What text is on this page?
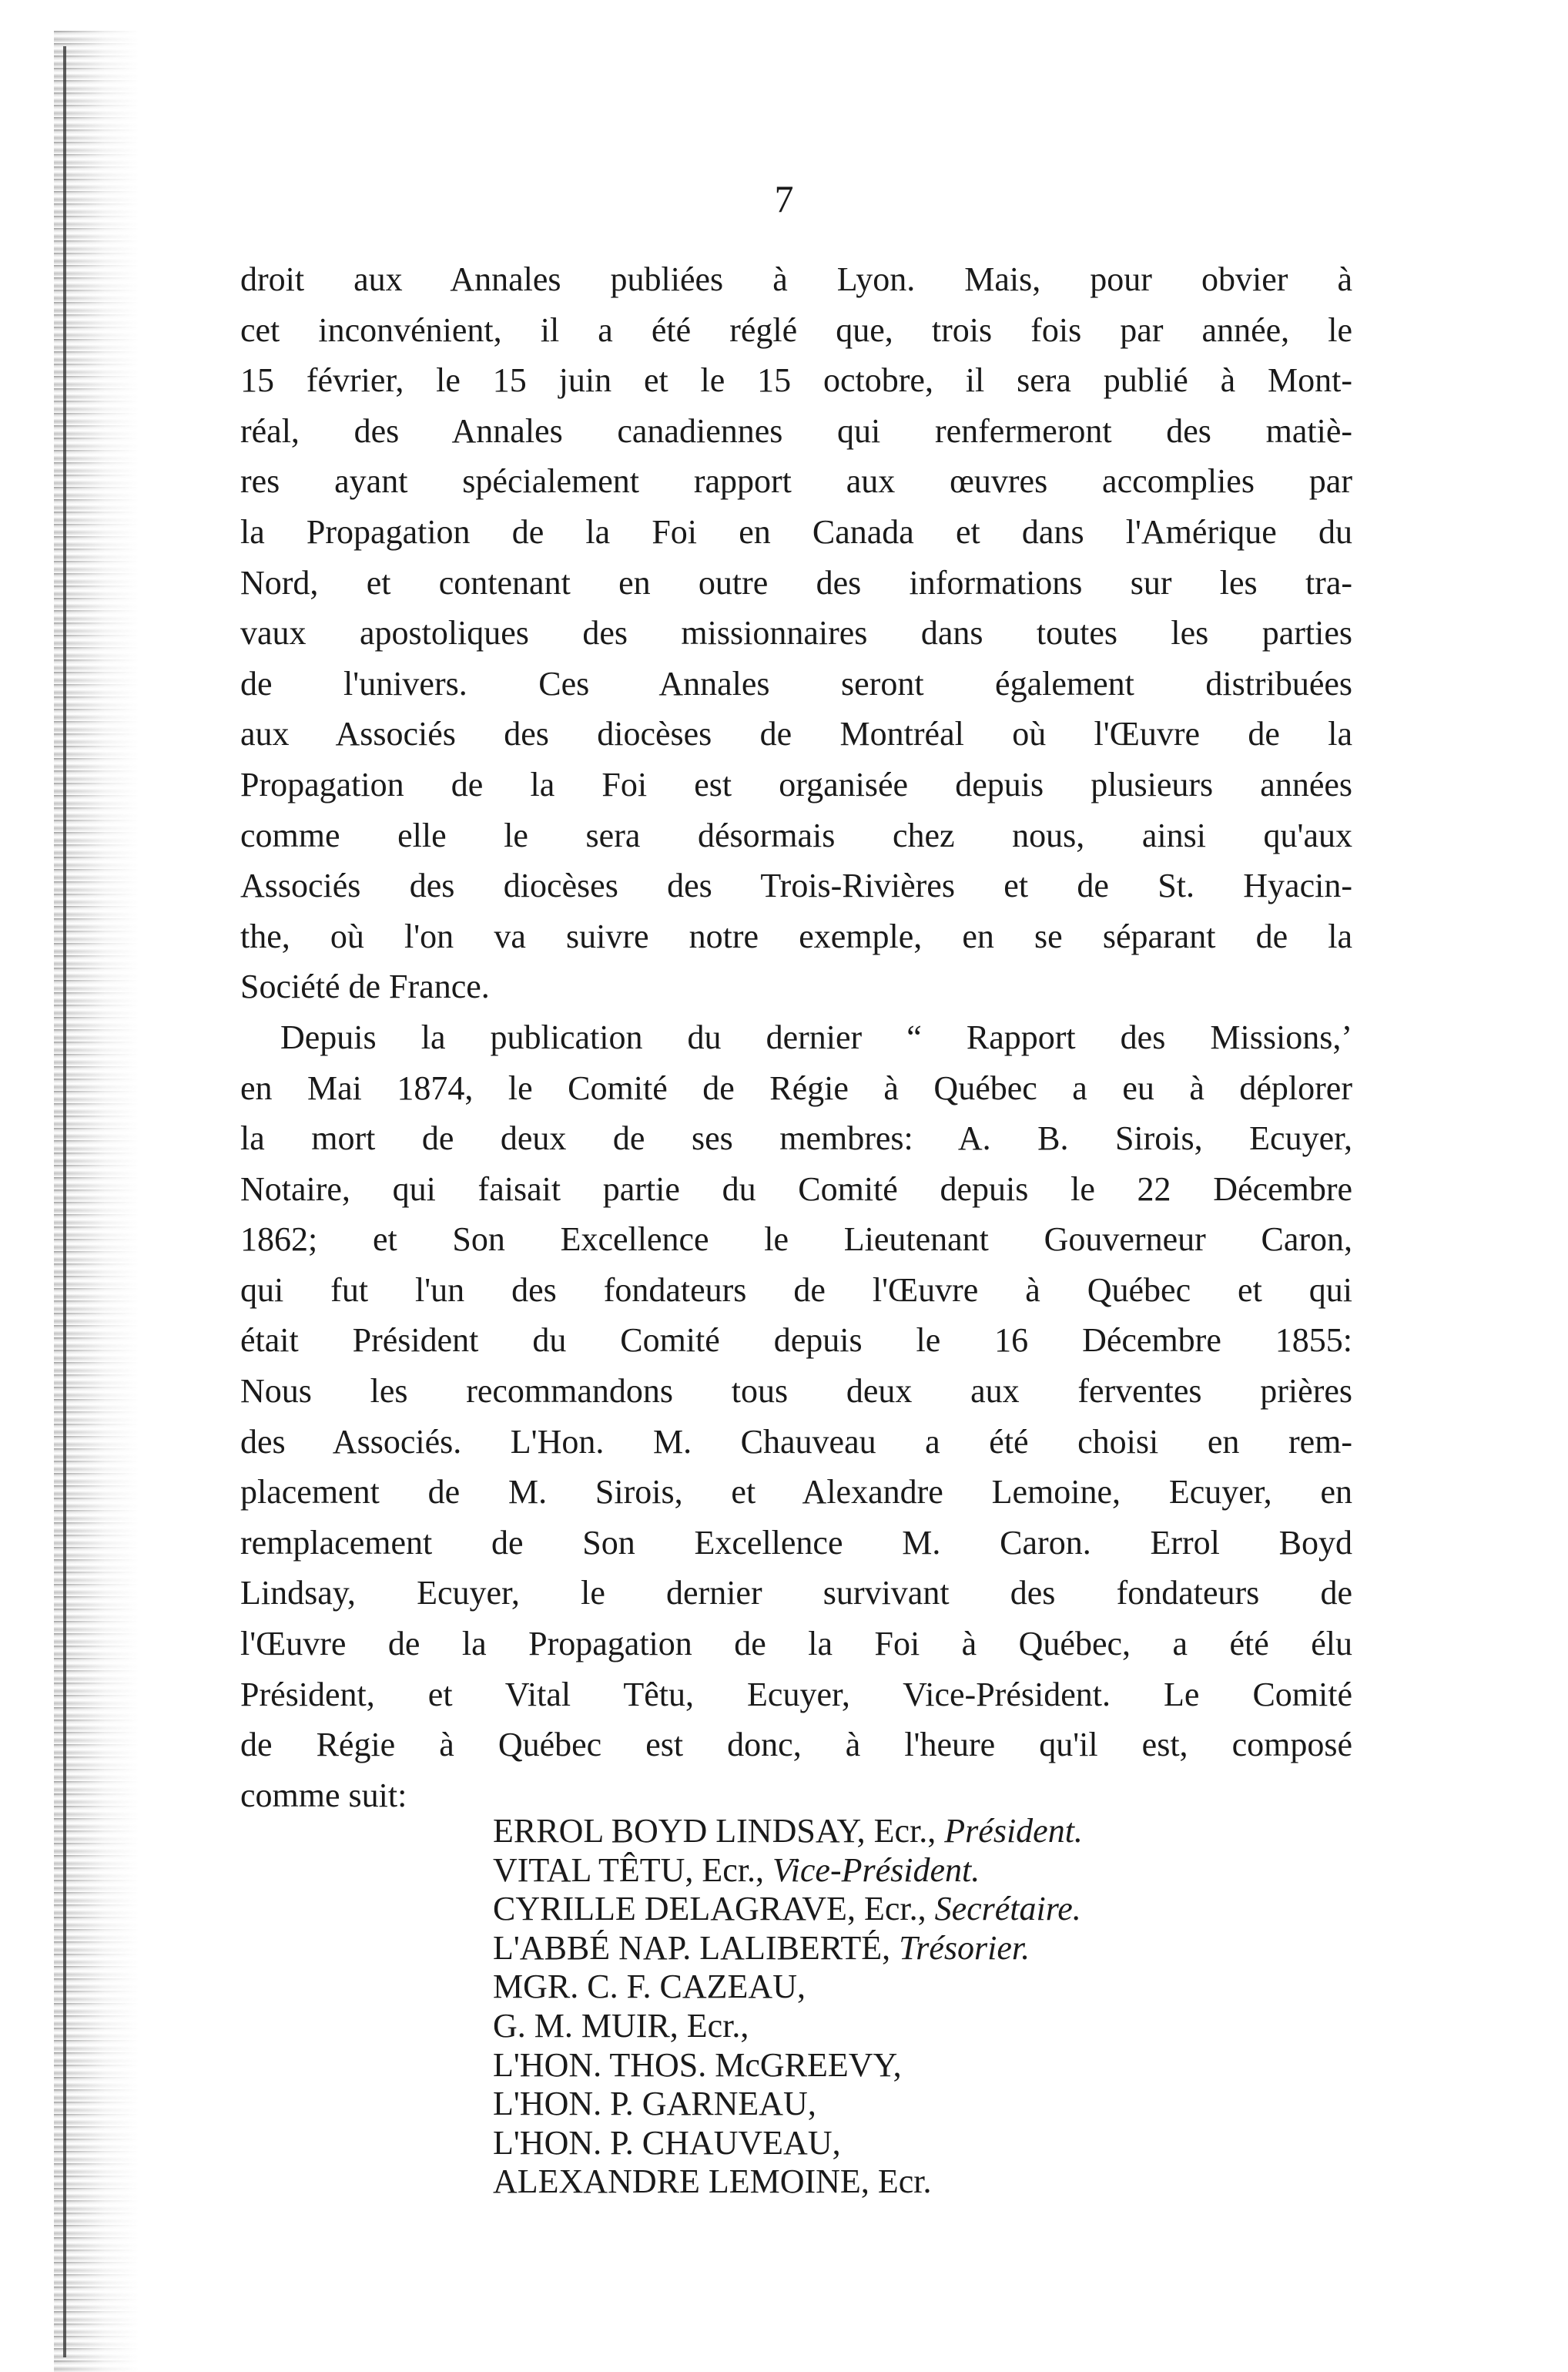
7
droit aux Annales publiées à Lyon. Mais, pour obvier à
cet inconvénient, il a été réglé que, trois fois par année, le
15 février, le 15 juin et le 15 octobre, il sera publié à Mont-
réal, des Annales canadiennes qui renfermeront des matiè-
res ayant spécialement rapport aux œuvres accomplies par
la Propagation de la Foi en Canada et dans l'Amérique du
Nord, et contenant en outre des informations sur les tra-
vaux apostoliques des missionnaires dans toutes les parties
de l'univers. Ces Annales seront également distribuées
aux Associés des diocèses de Montréal où l'Œuvre de la
Propagation de la Foi est organisée depuis plusieurs années
comme elle le sera désormais chez nous, ainsi qu'aux
Associés des diocèses des Trois-Rivières et de St. Hyacin-
the, où l'on va suivre notre exemple, en se séparant de la
Société de France.
Depuis la publication du dernier “ Rapport des Missions,’
en Mai 1874, le Comité de Régie à Québec a eu à déplorer
la mort de deux de ses membres: A. B. Sirois, Ecuyer,
Notaire, qui faisait partie du Comité depuis le 22 Décembre
1862; et Son Excellence le Lieutenant Gouverneur Caron,
qui fut l'un des fondateurs de l'Œuvre à Québec et qui
était Président du Comité depuis le 16 Décembre 1855:
Nous les recommandons tous deux aux ferventes prières
des Associés. L'Hon. M. Chauveau a été choisi en rem-
placement de M. Sirois, et Alexandre Lemoine, Ecuyer, en
remplacement de Son Excellence M. Caron. Errol Boyd
Lindsay, Ecuyer, le dernier survivant des fondateurs de
l'Œuvre de la Propagation de la Foi à Québec, a été élu
Président, et Vital Têtu, Ecuyer, Vice-Président. Le Comité
de Régie à Québec est donc, à l'heure qu'il est, composé
comme suit:
ERROL BOYD LINDSAY, Ecr., Président.
VITAL TÊTU, Ecr., Vice-Président.
CYRILLE DELAGRAVE, Ecr., Secrétaire.
L'ABBÉ NAP. LALIBERTÉ, Trésorier.
MGR. C. F. CAZEAU,
G. M. MUIR, Ecr.,
L'HON. THOS. McGREEVY,
L'HON. P. GARNEAU,
L'HON. P. CHAUVEAU,
ALEXANDRE LEMOINE, Ecr.
